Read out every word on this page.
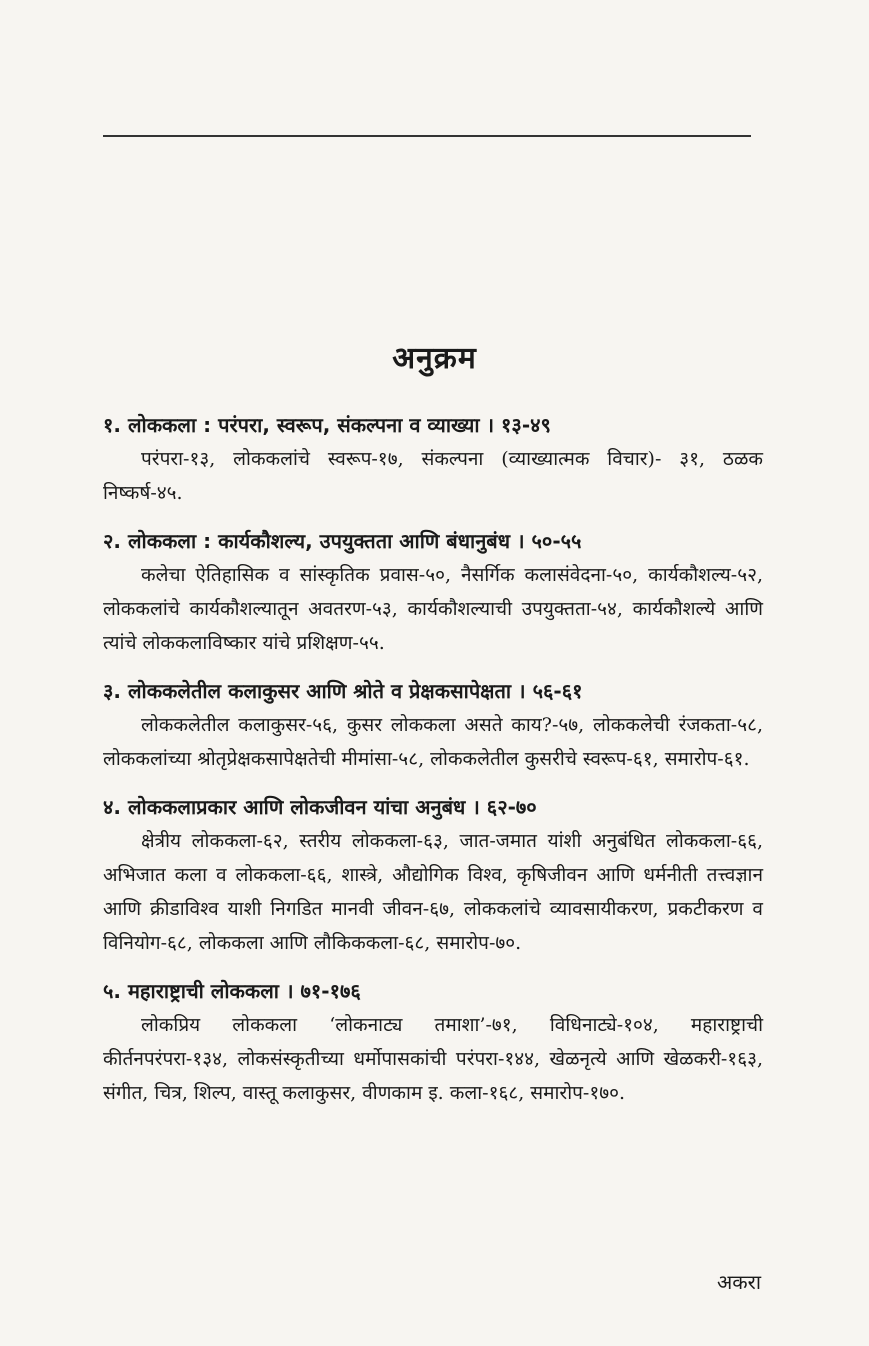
अनुक्रम
१. लोककला : परंपरा, स्वरूप, संकल्पना व व्याख्या । १३-४९
परंपरा-१३, लोककलांचे स्वरूप-१७, संकल्पना (व्याख्यात्मक विचार)- ३१, ठळक निष्कर्ष-४५.
२. लोककला : कार्यकौशल्य, उपयुक्तता आणि बंधानुबंध । ५०-५५
कलेचा ऐतिहासिक व सांस्कृतिक प्रवास-५०, नैसर्गिक कलासंवेदना-५०, कार्यकौशल्य-५२, लोककलांचे कार्यकौशल्यातून अवतरण-५३, कार्यकौशल्याची उपयुक्तता-५४, कार्यकौशल्ये आणि त्यांचे लोककलाविष्कार यांचे प्रशिक्षण-५५.
३. लोककलेतील कलाकुसर आणि श्रोते व प्रेक्षकसापेक्षता । ५६-६१
लोककलेतील कलाकुसर-५६, कुसर लोककला असते काय?-५७, लोककलेची रंजकता-५८, लोककलांच्या श्रोतृप्रेक्षकसापेक्षतेची मीमांसा-५८, लोककलेतील कुसरीचे स्वरूप-६१, समारोप-६१.
४. लोककलाप्रकार आणि लोकजीवन यांचा अनुबंध । ६२-७०
क्षेत्रीय लोककला-६२, स्तरीय लोककला-६३, जात-जमात यांशी अनुबंधित लोककला-६६, अभिजात कला व लोककला-६६, शास्त्रे, औद्योगिक विश्व, कृषिजीवन आणि धर्मनीती तत्त्वज्ञान आणि क्रीडाविश्व याशी निगडित मानवी जीवन-६७, लोककलांचे व्यावसायीकरण, प्रकटीकरण व विनियोग-६८, लोककला आणि लौकिककला-६८, समारोप-७०.
५. महाराष्ट्राची लोककला । ७१-१७६
लोकप्रिय लोककला ‘लोकनाट्य तमाशा’-७१, विधिनाट्ये-१०४, महाराष्ट्राची कीर्तनपरंपरा-१३४, लोकसंस्कृतीच्या धर्मोपासकांची परंपरा-१४४, खेळनृत्ये आणि खेळकरी-१६३, संगीत, चित्र, शिल्प, वास्तू कलाकुसर, वीणकाम इ. कला-१६८, समारोप-१७०.
अकरा
